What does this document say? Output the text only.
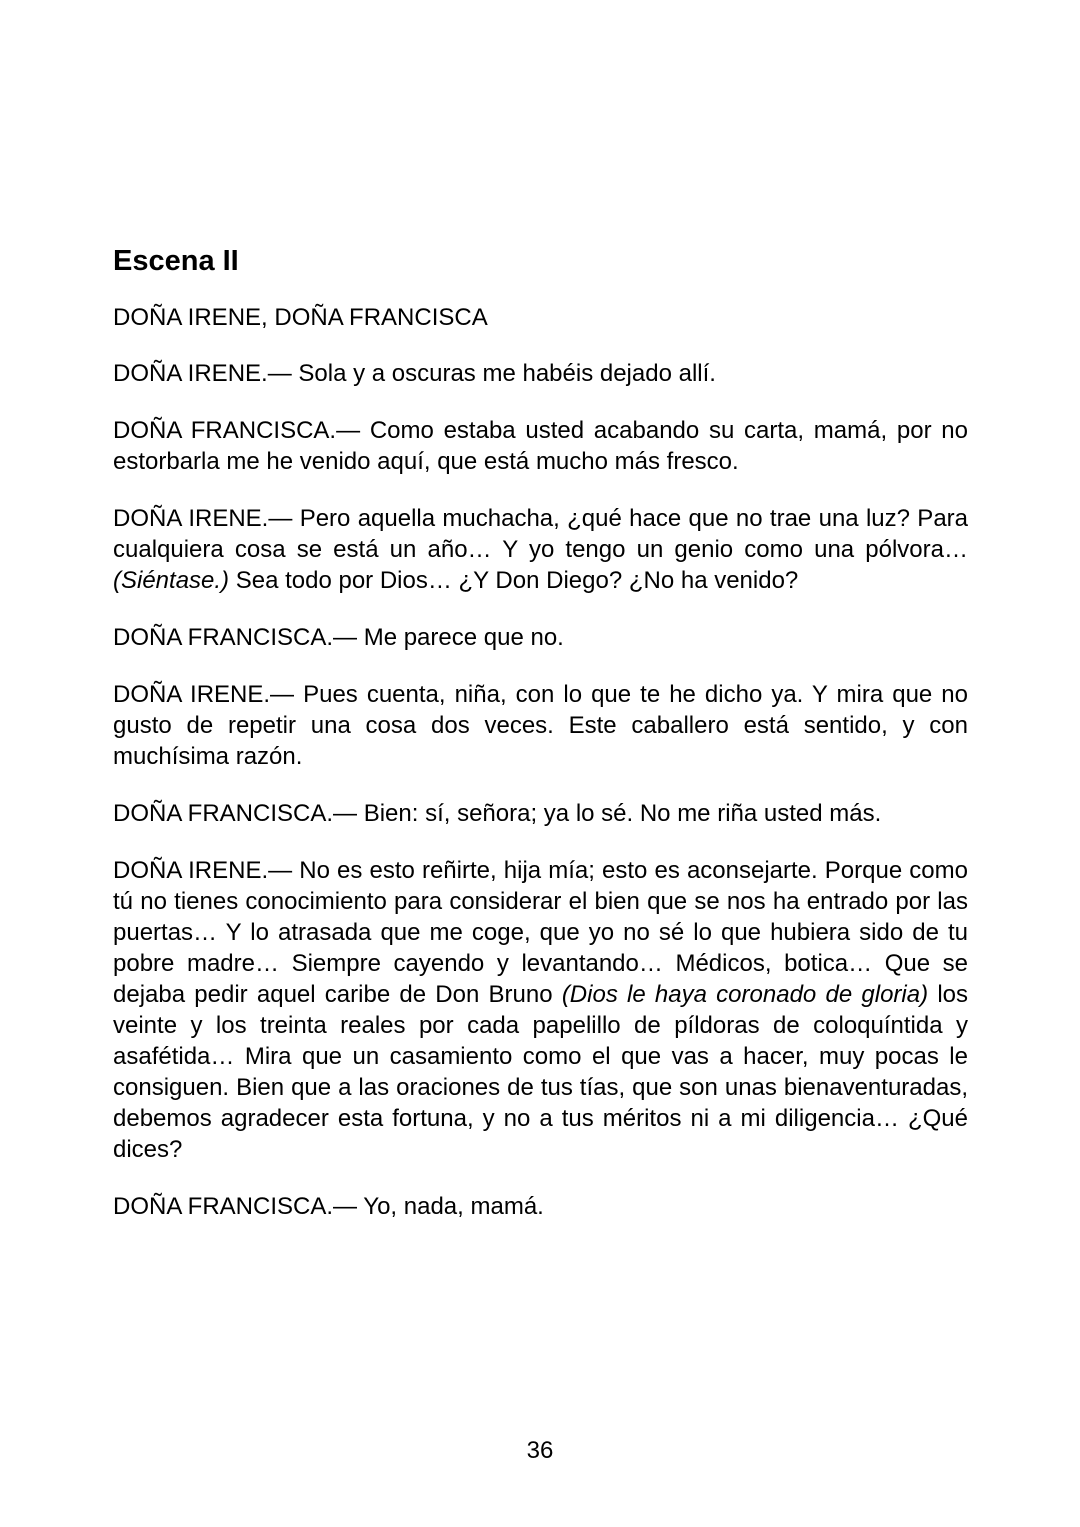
Escena II

DOÑA IRENE, DOÑA FRANCISCA

DOÑA IRENE.— Sola y a oscuras me habéis dejado allí.

DOÑA FRANCISCA.— Como estaba usted acabando su carta, mamá, por no estorbarla me he venido aquí, que está mucho más fresco.

DOÑA IRENE.— Pero aquella muchacha, ¿qué hace que no trae una luz? Para cualquiera cosa se está un año… Y yo tengo un genio como una pólvora… (Siéntase.) Sea todo por Dios… ¿Y Don Diego? ¿No ha venido?

DOÑA FRANCISCA.— Me parece que no.

DOÑA IRENE.— Pues cuenta, niña, con lo que te he dicho ya. Y mira que no gusto de repetir una cosa dos veces. Este caballero está sentido, y con muchísima razón.

DOÑA FRANCISCA.— Bien: sí, señora; ya lo sé. No me riña usted más.

DOÑA IRENE.— No es esto reñirte, hija mía; esto es aconsejarte. Porque como tú no tienes conocimiento para considerar el bien que se nos ha entrado por las puertas… Y lo atrasada que me coge, que yo no sé lo que hubiera sido de tu pobre madre… Siempre cayendo y levantando… Médicos, botica… Que se dejaba pedir aquel caribe de Don Bruno (Dios le haya coronado de gloria) los veinte y los treinta reales por cada papelillo de píldoras de coloquíntida y asafétida… Mira que un casamiento como el que vas a hacer, muy pocas le consiguen. Bien que a las oraciones de tus tías, que son unas bienaventuradas, debemos agradecer esta fortuna, y no a tus méritos ni a mi diligencia… ¿Qué dices?

DOÑA FRANCISCA.— Yo, nada, mamá.

36
